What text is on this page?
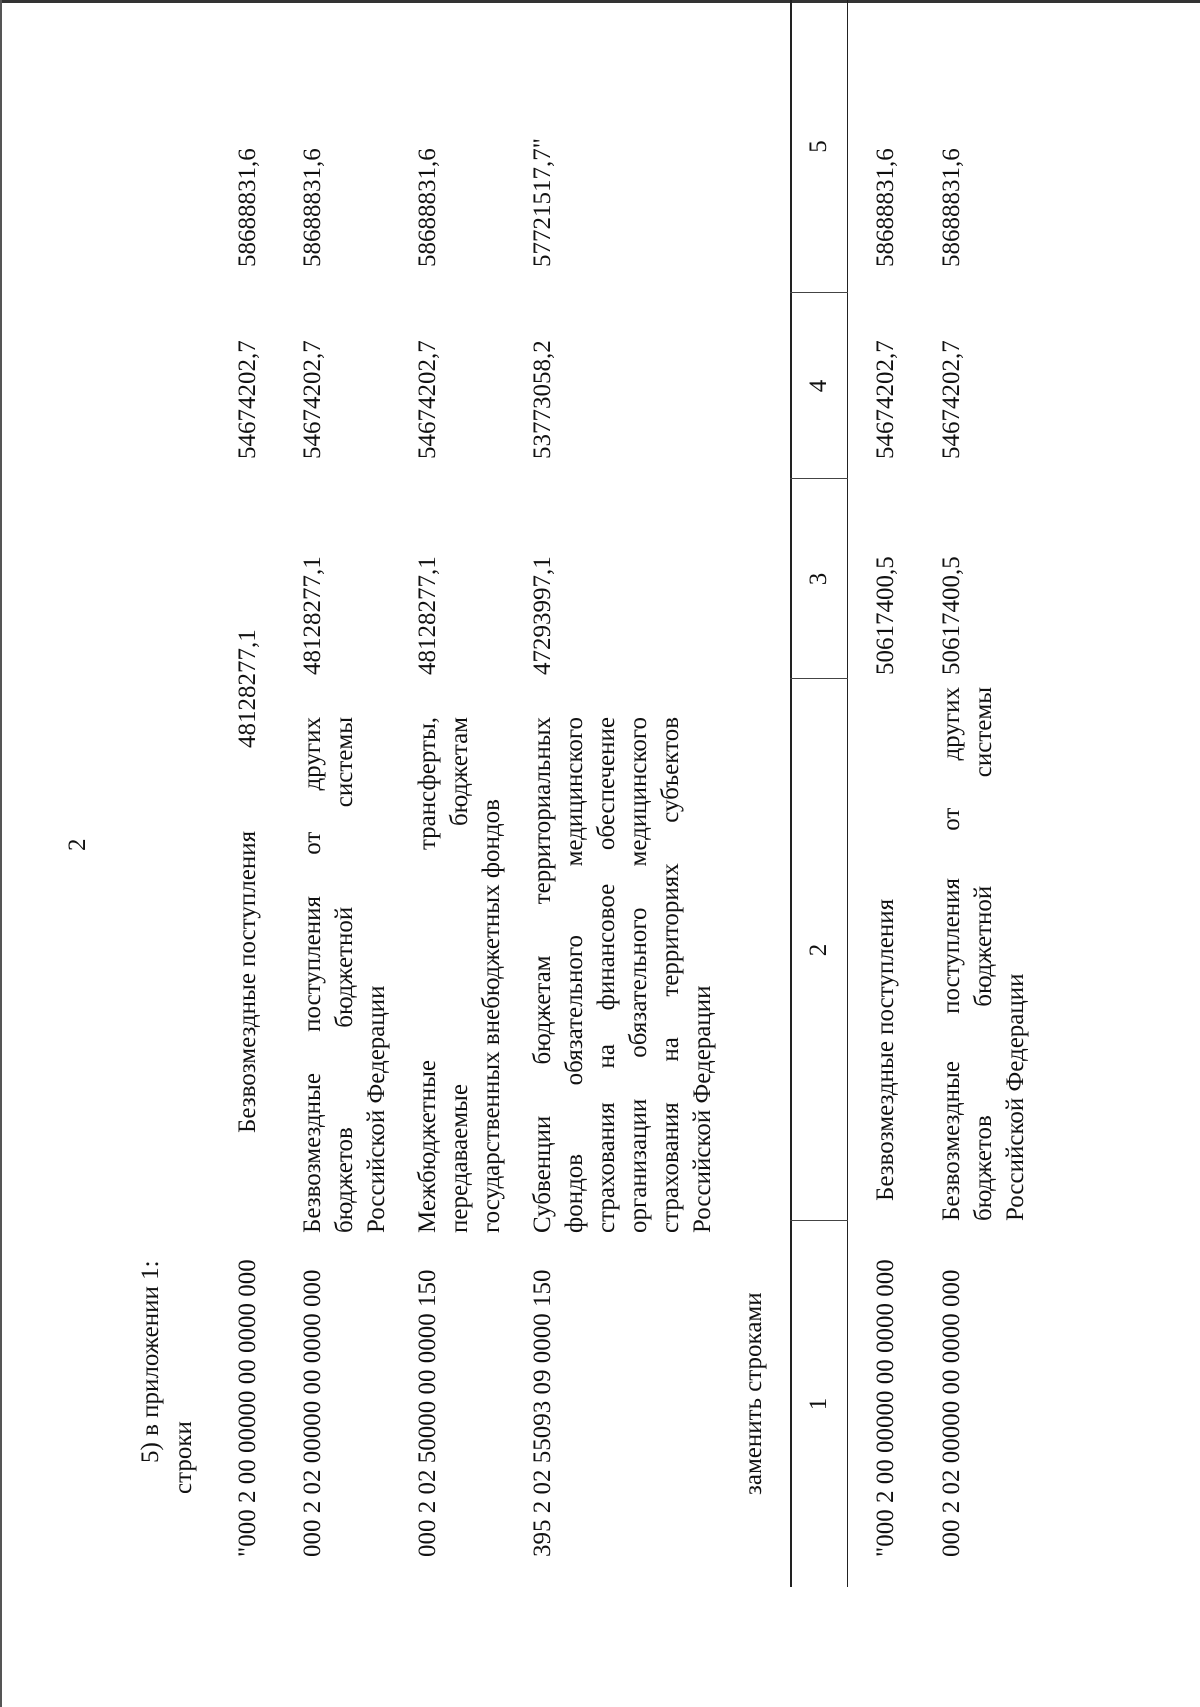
2
5) в приложении 1: строки "000 2 00 00000 00 0000 000
Безвозмездные поступления
48128277,1
54674202,7
58688831,6
000 2 02 00000 00 0000 000
Безвозмездные поступления от других бюджетов бюджетной системы Российской Федерации
48128277,1
54674202,7
58688831,6
000 2 02 50000 00 0000 150
Межбюджетные трансферты, передаваемые бюджетам государственных внебюджетных фондов
48128277,1
54674202,7
58688831,6
395 2 02 55093 09 0000 150
Субвенции бюджетам территориальных фондов обязательного медицинского страхования на финансовое обеспечение организации обязательного медицинского страхования на территориях субъектов Российской Федерации
47293997,1
53773058,2
57721517,7"
заменить строками 1
2
3
4
5
"000 2 00 00000 00 0000 000
Безвозмездные поступления
50617400,5
54674202,7
58688831,6
000 2 02 00000 00 0000 000
Безвозмездные поступления от других бюджетов бюджетной системы Российской Федерации
50617400,5
54674202,7
58688831,6
